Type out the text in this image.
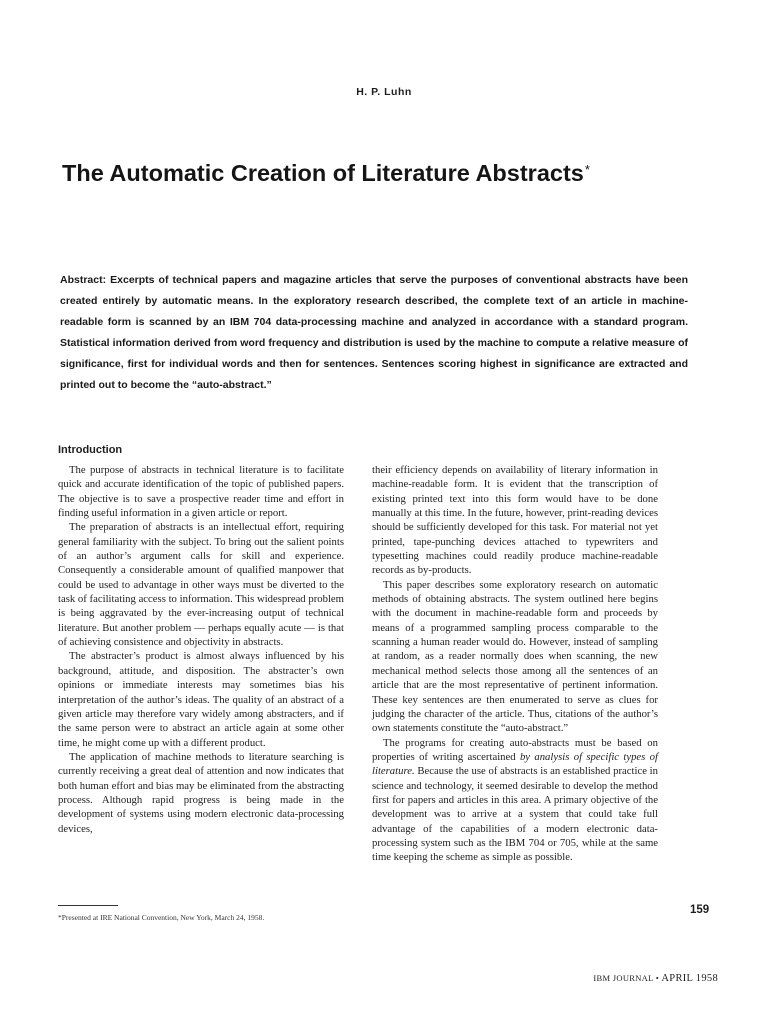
H. P. Luhn
The Automatic Creation of Literature Abstracts*

Abstract: Excerpts of technical papers and magazine articles that serve the purposes of conventional abstracts have been created entirely by automatic means. In the exploratory research described, the complete text of an article in machine-readable form is scanned by an IBM 704 data-processing machine and analyzed in accordance with a standard program. Statistical information derived from word frequency and distribution is used by the machine to compute a relative measure of significance, first for individual words and then for sentences. Sentences scoring highest in significance are extracted and printed out to become the “auto-abstract.”

Introduction

The purpose of abstracts in technical literature is to facilitate quick and accurate identification of the topic of published papers. The objective is to save a prospective reader time and effort in finding useful information in a given article or report.

The preparation of abstracts is an intellectual effort, requiring general familiarity with the subject. To bring out the salient points of an author’s argument calls for skill and experience. Consequently a considerable amount of qualified manpower that could be used to advantage in other ways must be diverted to the task of facilitating access to information. This widespread problem is being aggravated by the ever-increasing output of technical literature. But another problem — perhaps equally acute — is that of achieving consistence and objectivity in abstracts.

The abstracter’s product is almost always influenced by his background, attitude, and disposition. The abstracter’s own opinions or immediate interests may sometimes bias his interpretation of the author’s ideas. The quality of an abstract of a given article may therefore vary widely among abstracters, and if the same person were to abstract an article again at some other time, he might come up with a different product.

The application of machine methods to literature searching is currently receiving a great deal of attention and now indicates that both human effort and bias may be eliminated from the abstracting process. Although rapid progress is being made in the development of systems using modern electronic data-processing devices,

their efficiency depends on availability of literary information in machine-readable form. It is evident that the transcription of existing printed text into this form would have to be done manually at this time. In the future, however, print-reading devices should be sufficiently developed for this task. For material not yet printed, tape-punching devices attached to typewriters and typesetting machines could readily produce machine-readable records as by-products.

This paper describes some exploratory research on automatic methods of obtaining abstracts. The system outlined here begins with the document in machine-readable form and proceeds by means of a programmed sampling process comparable to the scanning a human reader would do. However, instead of sampling at random, as a reader normally does when scanning, the new mechanical method selects those among all the sentences of an article that are the most representative of pertinent information. These key sentences are then enumerated to serve as clues for judging the character of the article. Thus, citations of the author’s own statements constitute the “auto-abstract.”

The programs for creating auto-abstracts must be based on properties of writing ascertained by analysis of specific types of literature. Because the use of abstracts is an established practice in science and technology, it seemed desirable to develop the method first for papers and articles in this area. A primary objective of the development was to arrive at a system that could take full advantage of the capabilities of a modern electronic data-processing system such as the IBM 704 or 705, while at the same time keeping the scheme as simple as possible.

*Presented at IRE National Convention, New York, March 24, 1958.
159
IBM JOURNAL • APRIL 1958
